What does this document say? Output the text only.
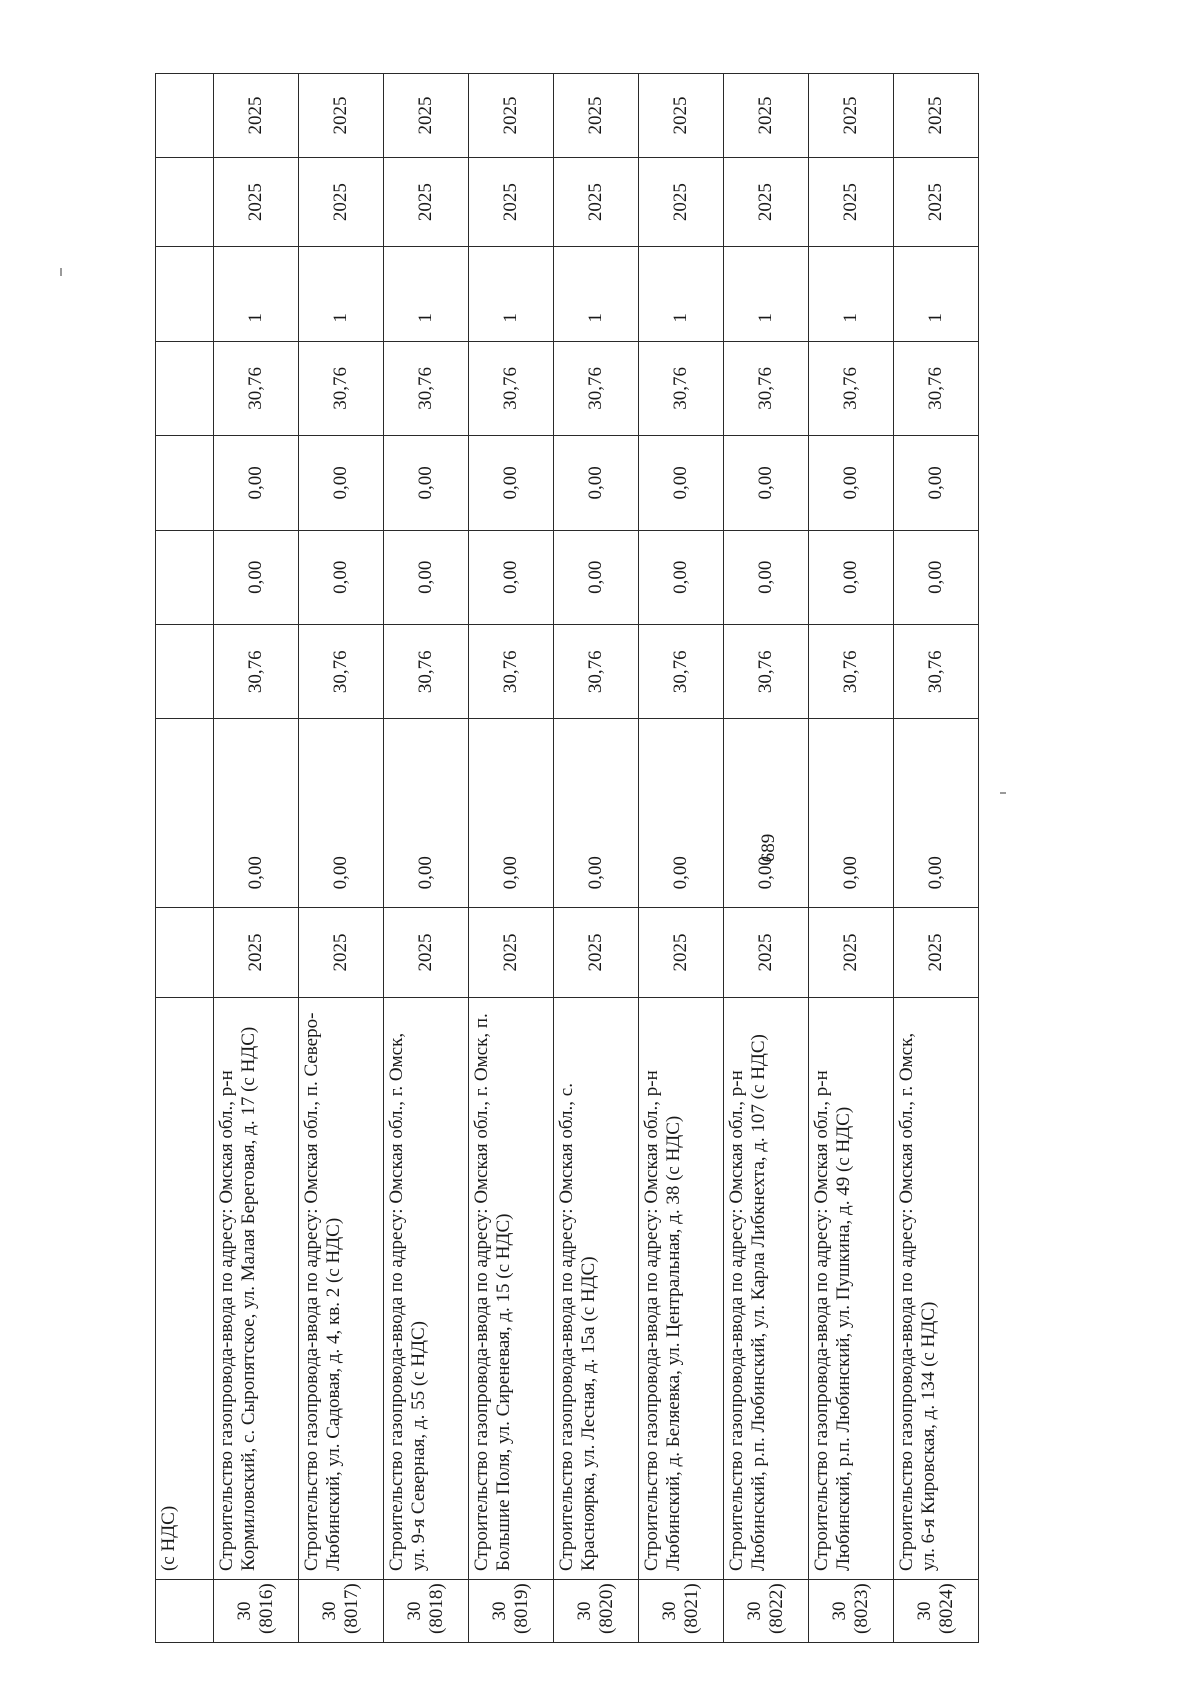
689
	(с НДС)									
30
(8016)	Строительство газопровода-ввода по адресу: Омская обл., р-н Кормиловский, с. Сыропятское, ул. Малая Береговая, д. 17 (с НДС)	2025	0,00	30,76	0,00	0,00	30,76	1	2025	2025
30
(8017)	Строительство газопровода-ввода по адресу: Омская обл., п. Северо-Любинский, ул. Садовая, д. 4, кв. 2 (с НДС)	2025	0,00	30,76	0,00	0,00	30,76	1	2025	2025
30
(8018)	Строительство газопровода-ввода по адресу: Омская обл., г. Омск, ул. 9-я Северная, д. 55 (с НДС)	2025	0,00	30,76	0,00	0,00	30,76	1	2025	2025
30
(8019)	Строительство газопровода-ввода по адресу: Омская обл., г. Омск, п. Большие Поля, ул. Сиреневая, д. 15 (с НДС)	2025	0,00	30,76	0,00	0,00	30,76	1	2025	2025
30
(8020)	Строительство газопровода-ввода по адресу: Омская обл., с. Красноярка, ул. Лесная, д. 15а (с НДС)	2025	0,00	30,76	0,00	0,00	30,76	1	2025	2025
30
(8021)	Строительство газопровода-ввода по адресу: Омская обл., р-н Любинский, д. Беляевка, ул. Центральная, д. 38 (с НДС)	2025	0,00	30,76	0,00	0,00	30,76	1	2025	2025
30
(8022)	Строительство газопровода-ввода по адресу: Омская обл., р-н Любинский, р.п. Любинский, ул. Карла Либкнехта, д. 107 (с НДС)	2025	0,00	30,76	0,00	0,00	30,76	1	2025	2025
30
(8023)	Строительство газопровода-ввода по адресу: Омская обл., р-н Любинский, р.п. Любинский, ул. Пушкина, д. 49 (с НДС)	2025	0,00	30,76	0,00	0,00	30,76	1	2025	2025
30
(8024)	Строительство газопровода-ввода по адресу: Омская обл., г. Омск, ул. 6-я Кировская, д. 134 (с НДС)	2025	0,00	30,76	0,00	0,00	30,76	1	2025	2025
